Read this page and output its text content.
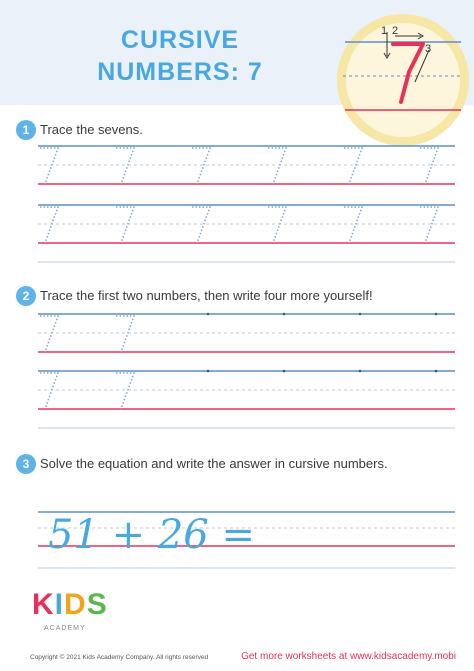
CURSIVE
NUMBERS: 7
1 2
3
1 Trace the sevens.
2 Trace the first two numbers, then write four more yourself!
3 Solve the equation and write the answer in cursive numbers.
51 + 26 =
KIDS
ACADEMY
Copyright © 2021 Kids Academy Company. All rights reserved	Get more worksheets at www.kidsacademy.mobi
